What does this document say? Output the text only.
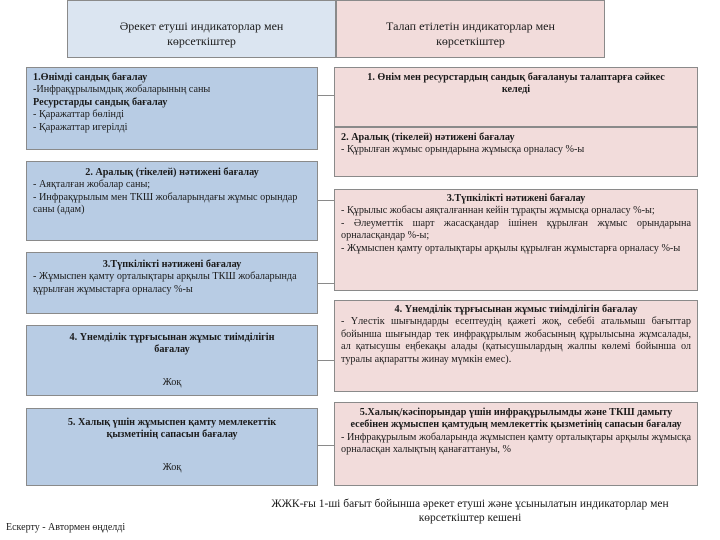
Әрекет етуші индикаторлар мен көрсеткіштер
Талап етілетін индикаторлар мен көрсеткіштер
1.Өнімді сандық бағалау
-Инфрақұрылымдық жобаларының саны
Ресурстарды сандық бағалау
- Қаражаттар бөлінді
- Қаражаттар игерілді
2. Аралық (тікелей) нәтижені бағалау
- Аяқталған жобалар саны;
- Инфрақұрылым мен ТКШ жобаларындағы жұмыс орындар саны (адам)
3.Түпкілікті нәтижені бағалау
- Жұмыспен қамту орталықтары арқылы ТКШ жобаларында құрылған жұмыстарға орналасу %-ы
4. Үнемділік тұрғысынан жұмыс тиімділігін бағалау
Жоқ
5. Халық үшін жұмыспен қамту мемлекеттік қызметінің сапасын бағалау
Жоқ
1. Өнім мен ресурстардың сандық бағалануы талаптарға сәйкес келеді
2. Аралық (тікелей) нәтижені бағалау
- Құрылған жұмыс орындарына жұмысқа орналасу %-ы
3.Түпкілікті нәтижені бағалау
- Құрылыс жобасы аяқталғаннан кейін тұрақты жұмысқа орналасу %-ы;
- Әлеуметтік шарт жасасқандар ішінен құрылған жұмыс орындарына орналасқандар %-ы;
- Жұмыспен қамту орталықтары арқылы құрылған жұмыстарға орналасу %-ы
4. Үнемділік тұрғысынан жұмыс тиімділігін бағалау
- Үлестік шығындарды есептеудің қажеті жоқ, себебі атальмыш бағыттар бойынша шығындар тек инфрақұрылым жобасының құрылысына жұмсалады, ал қатысушы еңбекақы алады (қатысушылардың жалпы көлемі бойынша ол туралы ақпаратты жинау мүмкін емес).
5.Халық/кәсіпорындар үшін инфрақұрылымды және ТКШ дамыту есебінен жұмыспен қамтудың мемлекеттік қызметінің сапасын бағалау
- Инфрақұрылым жобаларында жұмыспен қамту орталықтары арқылы жұмысқа орналасқан халықтың қанағаттануы, %
ЖЖК-ғы 1-ші бағыт бойынша әрекет етуші және ұсынылатын индикаторлар мен көрсеткіштер кешені
Ескерту - Автормен өңделді
